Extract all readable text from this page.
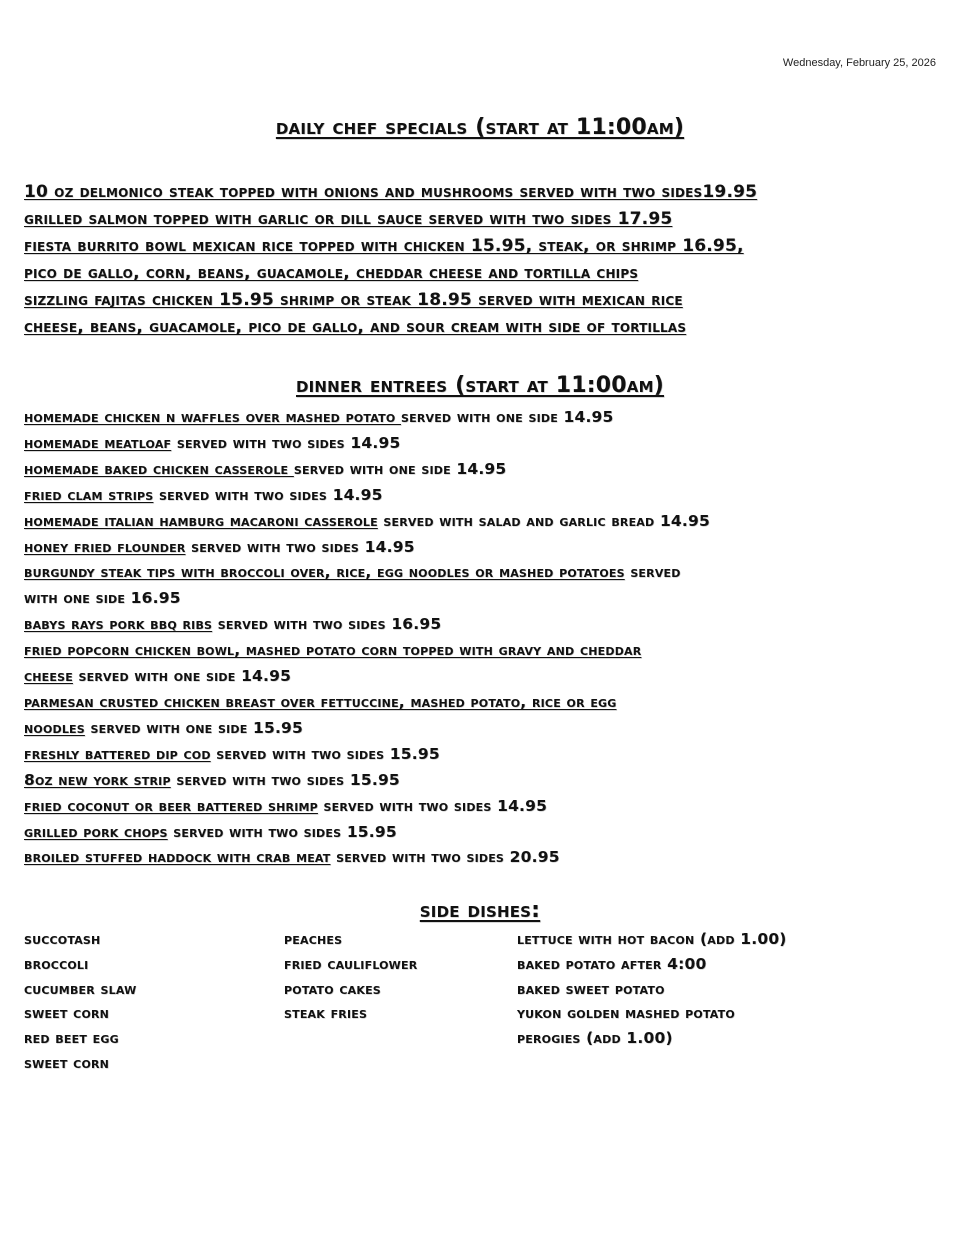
Wednesday, February 25, 2026
daily chef specials (start at 11:00am)
10 oz delmonico steak topped with onions and mushrooms served with two sides19.95
grilled salmon topped with garlic or dill sauce served with two sides 17.95
fiesta burrito bowl mexican rice topped with chicken 15.95, steak, or shrimp 16.95,
pico de gallo, corn, beans, guacamole, cheddar cheese and tortilla chips
sizzling fajitas chicken 15.95 shrimp or steak 18.95 served with mexican rice
cheese, beans, guacamole, pico de gallo, and sour cream with side of tortillas
dinner entrees (start at 11:00am)
homemade chicken n waffles over mashed potato served with one side 14.95
homemade meatloaf served with two sides 14.95
homemade baked chicken casserole served with one side 14.95
fried clam strips served with two sides 14.95
homemade italian hamburg macaroni casserole served with salad and garlic bread 14.95
honey fried flounder served with two sides 14.95
burgundy steak tips with broccoli over, rice, egg noodles or mashed potatoes served
with one side 16.95
babys rays pork bbq ribs served with two sides 16.95
fried popcorn chicken bowl, mashed potato corn topped with gravy and cheddar
cheese served with one side 14.95
parmesan crusted chicken breast over fettuccine, mashed potato, rice or egg
noodles served with one side 15.95
freshly battered dip cod served with two sides 15.95
8oz new york strip served with two sides 15.95
fried coconut or beer battered shrimp served with two sides 14.95
grilled pork chops served with two sides 15.95
broiled stuffed haddock with crab meat served with two sides 20.95
side dishes:
succotash
broccoli
cucumber slaw
sweet corn
red beet egg
sweet corn
peaches
fried cauliflower
potato cakes
steak fries
lettuce with hot bacon (add 1.00)
baked potato after 4:00
baked sweet potato
yukon golden mashed potato
perogies (add 1.00)
